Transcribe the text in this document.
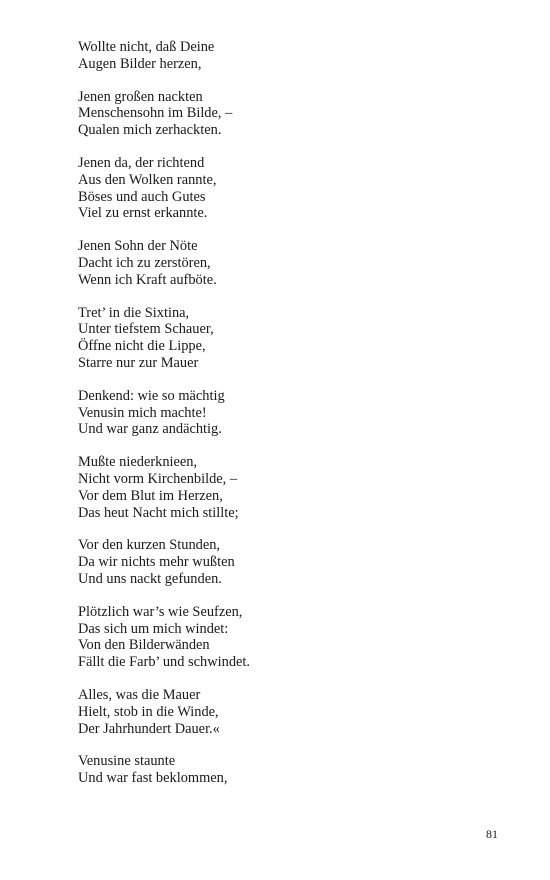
Wollte nicht, daß Deine
Augen Bilder herzen,
Jenen großen nackten
Menschensohn im Bilde, –
Qualen mich zerhackten.
Jenen da, der richtend
Aus den Wolken rannte,
Böses und auch Gutes
Viel zu ernst erkannte.
Jenen Sohn der Nöte
Dacht ich zu zerstören,
Wenn ich Kraft aufböte.
Tret’ in die Sixtina,
Unter tiefstem Schauer,
Öffne nicht die Lippe,
Starre nur zur Mauer
Denkend: wie so mächtig
Venusin mich machte!
Und war ganz andächtig.
Mußte niederknieen,
Nicht vorm Kirchenbilde, –
Vor dem Blut im Herzen,
Das heut Nacht mich stillte;
Vor den kurzen Stunden,
Da wir nichts mehr wußten
Und uns nackt gefunden.
Plötzlich war’s wie Seufzen,
Das sich um mich windet:
Von den Bilderwänden
Fällt die Farb’ und schwindet.
Alles, was die Mauer
Hielt, stob in die Winde,
Der Jahrhundert Dauer.«
Venusine staunte
Und war fast beklommen,
81
